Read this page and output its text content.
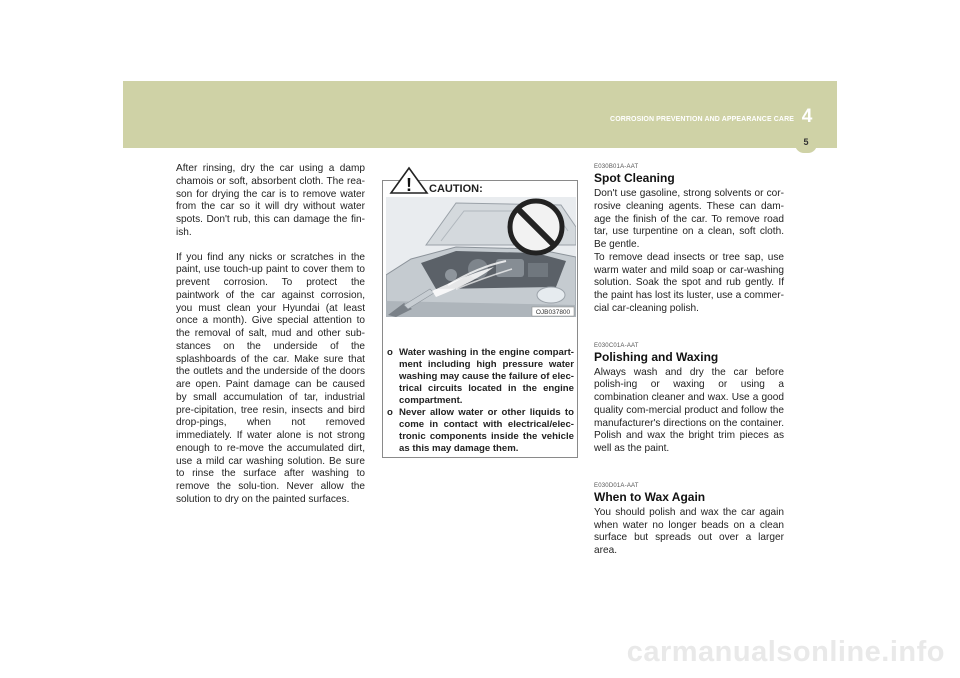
CORROSION PREVENTION AND APPEARANCE CARE 4
5

After rinsing, dry the car using a damp chamois or soft, absorbent cloth. The rea-son for drying the car is to remove water from the car so it will dry without water spots. Don't rub, this can damage the fin-ish.

If you find any nicks or scratches in the paint, use touch-up paint to cover them to prevent corrosion. To protect the paintwork of the car against corrosion, you must clean your Hyundai (at least once a month). Give special attention to the removal of salt, mud and other sub-stances on the underside of the splashboards of the car. Make sure that the outlets and the underside of the doors are open. Paint damage can be caused by small accumulation of tar, industrial pre-cipitation, tree resin, insects and bird drop-pings, when not removed immediately. If water alone is not strong enough to re-move the accumulated dirt, use a mild car washing solution. Be sure to rinse the surface after washing to remove the solu-tion. Never allow the solution to dry on the painted surfaces.

! CAUTION:
OJB037800
o Water washing in the engine compart-ment including high pressure water washing may cause the failure of elec-trical circuits located in the engine compartment.
o Never allow water or other liquids to come in contact with electrical/elec-tronic components inside the vehicle as this may damage them.
E030B01A-AAT
Spot Cleaning

Don't use gasoline, strong solvents or cor-rosive cleaning agents. These can dam-age the finish of the car. To remove road tar, use turpentine on a clean, soft cloth. Be gentle.
To remove dead insects or tree sap, use warm water and mild soap or car-washing solution. Soak the spot and rub gently. If the paint has lost its luster, use a commer-cial car-cleaning polish.

E030C01A-AAT
Polishing and Waxing

Always wash and dry the car before polish-ing or waxing or using a combination cleaner and wax. Use a good quality com-mercial product and follow the manufacturer's directions on the container. Polish and wax the bright trim pieces as well as the paint.

E030D01A-AAT
When to Wax Again

You should polish and wax the car again when water no longer beads on a clean surface but spreads out over a larger area.

carmanualsonline.info
